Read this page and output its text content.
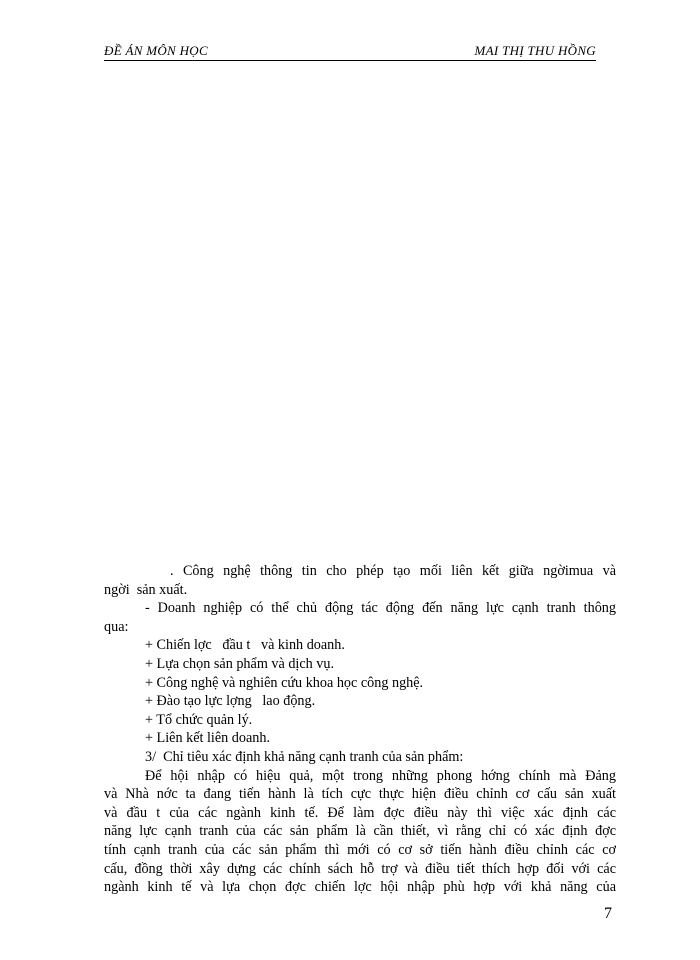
ĐỀ ÁN MÔN HỌC	MAI THỊ THU HỒNG
. Công nghệ thông tin cho phép tạo mối liên kết giữa ngờimua và
ngời  sản xuất.
- Doanh nghiệp có thể chủ động tác động đến năng lực cạnh tranh thông
qua:
+ Chiến lợc   đầu t   và kinh doanh.
+ Lựa chọn sản phẩm và dịch vụ.
+ Công nghệ và nghiên cứu khoa học công nghệ.
+ Đào tạo lực lợng   lao động.
+ Tổ chức quản lý.
+ Liên kết liên doanh.
3/  Chỉ tiêu xác định khả năng cạnh tranh của sản phẩm:
Để hội nhập có hiệu quả, một trong những phong hớng chính mà Đảng
và Nhà nớc ta đang tiến hành là tích cực thực hiện điều chỉnh cơ cấu sản xuất
và đầu t của các ngành kinh tế. Để làm đợc điều này thì việc xác định các
năng lực cạnh tranh của các sản phẩm là cần thiết, vì rằng chỉ có xác định đợc
tính cạnh tranh của các sản phẩm thì mới có cơ sở tiến hành điều chỉnh các cơ
cấu, đồng thời xây dựng các chính sách hỗ trợ và điều tiết thích hợp đối với các
ngành kinh tế và lựa chọn đợc chiến lợc hội nhập phù hợp với khả năng của
7
